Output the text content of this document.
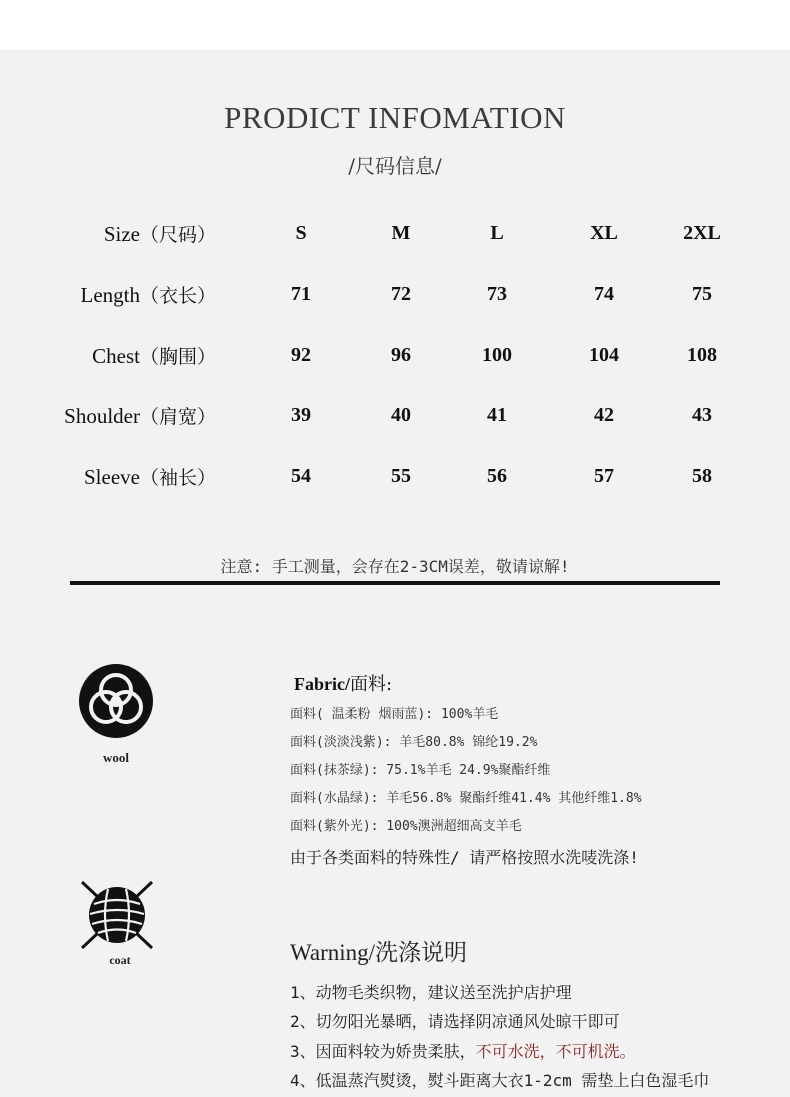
PRODICT INFOMATION
/尺码信息/
Size（尺码）	S	M	L	XL	2XL
Length（衣长）	71	72	73	74	75
Chest（胸围）	92	96	100	104	108
Shoulder（肩宽）	39	40	41	42	43
Sleeve（袖长）	54	55	56	57	58
注意: 手工测量，会存在2-3CM误差，敬请谅解!
wool
coat
Fabric/面料:
面料( 温柔粉 烟雨蓝): 100%羊毛
面料(淡淡浅紫): 羊毛80.8% 锦纶19.2%
面料(抹茶绿): 75.1%羊毛 24.9%聚酯纤维
面料(水晶绿): 羊毛56.8% 聚酯纤维41.4% 其他纤维1.8%
面料(紫外光): 100%澳洲超细高支羊毛
由于各类面料的特殊性/ 请严格按照水洗唛洗涤!
Warning/洗涤说明
1、动物毛类织物，建议送至洗护店护理
2、切勿阳光暴晒，请选择阴凉通风处晾干即可
3、因面料较为娇贵柔肤，不可水洗，不可机洗。
4、低温蒸汽熨烫，熨斗距离大衣1-2cm 需垫上白色湿毛巾
